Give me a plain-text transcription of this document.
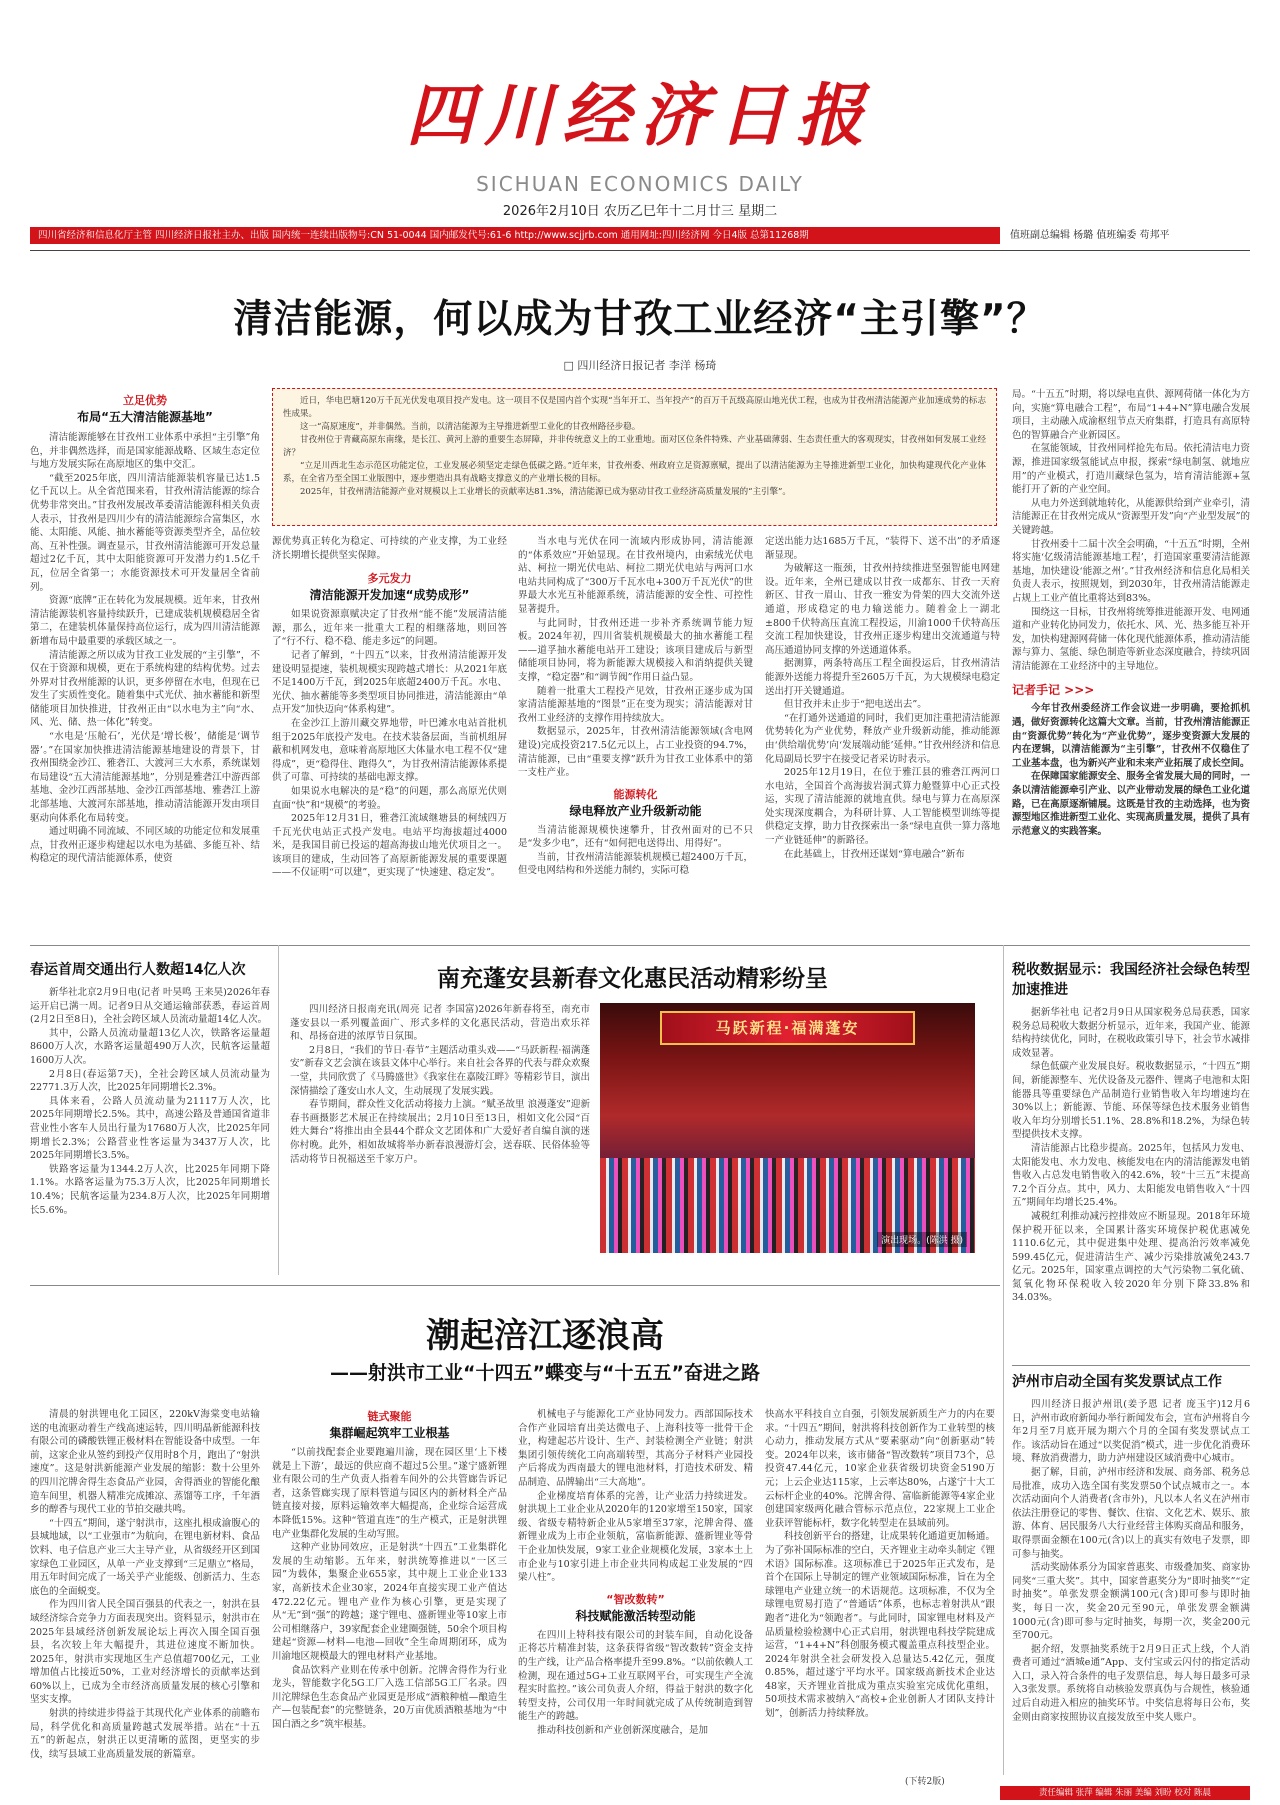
四川经济日报
SICHUAN ECONOMICS DAILY
2026年2月10日 农历乙巳年十二月廿三 星期二
四川省经济和信息化厅主管 四川经济日报社主办、出版 国内统一连续出版物号:CN 51-0044 国内邮发代号:61-6 http://www.scjjrb.com 通用网址:四川经济网 今日4版 总第11268期	值班副总编辑 杨璐 值班编委 苟邦平
清洁能源，何以成为甘孜工业经济“主引擎”？
□ 四川经济日报记者 李洋 杨琦

近日，华电巴塘120万千瓦光伏发电项目投产发电。这一项目不仅是国内首个实现“当年开工、当年投产”的百万千瓦级高原山地光伏工程，也成为甘孜州清洁能源产业加速成势的标志性成果。

这一“高原速度”，并非偶然。当前，以清洁能源为主导推进新型工业化的甘孜州路径步稳。

甘孜州位于青藏高原东南缘，是长江、黄河上游的重要生态屏障，并非传统意义上的工业重地。面对区位条件特殊、产业基础薄弱、生态责任重大的客观现实，甘孜州如何发展工业经济？

“立足川西北生态示范区功能定位，工业发展必须坚定走绿色低碳之路。”近年来，甘孜州委、州政府立足资源禀赋，提出了以清洁能源为主导推进新型工业化，加快构建现代化产业体系，在全省乃至全国工业版图中，逐步塑造出具有战略支撑意义的产业增长极的目标。

2025年，甘孜州清洁能源产业对规模以上工业增长的贡献率达81.3%，清洁能源已成为驱动甘孜工业经济高质量发展的“主引擎”。

立足优势
布局“五大清洁能源基地”

清洁能源能够在甘孜州工业体系中承担“主引擎”角色，并非偶然选择，而是国家能源战略、区域生态定位与地方发展实际在高原地区的集中交汇。

“截至2025年底，四川清洁能源装机容量已达1.5亿千瓦以上。从全省范围来看，甘孜州清洁能源的综合优势非常突出。”甘孜州发展改革委清洁能源科相关负责人表示，甘孜州是四川少有的清洁能源综合富集区，水能、太阳能、风能、抽水蓄能等资源类型齐全，品位较高、互补性强。调查显示，甘孜州清洁能源可开发总量超过2亿千瓦，其中太阳能资源可开发潜力约1.5亿千瓦，位居全省第一；水能资源技术可开发量居全省前列。

资源“底牌”正在转化为发展规模。近年来，甘孜州清洁能源装机容量持续跃升，已建成装机规模稳居全省第二，在建装机体量保持高位运行，成为四川清洁能源新增布局中最重要的承载区域之一。

清洁能源之所以成为甘孜工业发展的“主引擎”，不仅在于资源和规模，更在于系统构建的结构优势。过去外界对甘孜州能源的认识，更多停留在水电，但现在已发生了实质性变化。随着集中式光伏、抽水蓄能和新型储能项目加快推进，甘孜州正由“以水电为主”向“水、风、光、储、热一体化”转变。

“水电是‘压舱石’，光伏是‘增长极’，储能是‘调节器’。”在国家加快推进清洁能源基地建设的背景下，甘孜州围绕金沙江、雅砻江、大渡河三大水系，系统谋划布局建设“五大清洁能源基地”，分别是雅砻江中游西部基地、金沙江西部基地、金沙江西部基地、雅砻江上游北部基地、大渡河东部基地，推动清洁能源开发由项目驱动向体系化布局转变。

通过明确不同流域、不同区域的功能定位和发展重点，甘孜州正逐步构建起以水电为基础、多能互补、结构稳定的现代清洁能源体系，使资

源优势真正转化为稳定、可持续的产业支撑，为工业经济长期增长提供坚实保障。

多元发力
清洁能源开发加速“成势成形”

如果说资源禀赋决定了甘孜州“能不能”发展清洁能源，那么，近年来一批重大工程的相继落地，则回答了“行不行、稳不稳、能走多远”的问题。

记者了解到，“十四五”以来，甘孜州清洁能源开发建设明显提速，装机规模实现跨越式增长：从2021年底不足1400万千瓦，到2025年底超2400万千瓦。水电、光伏、抽水蓄能等多类型项目协同推进，清洁能源由“单点开发”加快迈向“体系构建”。

在金沙江上游川藏交界地带，叶巴滩水电站首批机组于2025年底投产发电。在技术装备层面，当前机组屏蔽和机网发电，意味着高原地区大体量水电工程不仅“建得成”，更“稳得住、跑得久”，为甘孜州清洁能源体系提供了可靠、可持续的基础电源支撑。

如果说水电解决的是“稳”的问题，那么高原光伏则直面“快”和“规模”的考验。

2025年12月31日，雅砻江流域继塘县的柯绒四万千瓦光伏电站正式投产发电。电站平均海拔超过4000米，是我国目前已投运的超高海拔山地光伏项目之一。该项目的建成，生动回答了高原新能源发展的重要课题——不仅证明“可以建”，更实现了“快速建、稳定发”。

当水电与光伏在同一流域内形成协同，清洁能源的“体系效应”开始显现。在甘孜州境内，由索绒光伏电站、柯拉一期光伏电站、柯拉二期光伏电站与两河口水电站共同构成了“300万千瓦水电+300万千瓦光伏”的世界最大水光互补能源系统，清洁能源的安全性、可控性显著提升。

与此同时，甘孜州还进一步补齐系统调节能力短板。2024年初，四川省装机规模最大的抽水蓄能工程——道孚抽水蓄能电站开工建设；该项目建成后与新型储能项目协同，将为新能源大规模接入和消纳提供关键支撑，“稳定器”和“调节阀”作用日益凸显。

随着一批重大工程投产见效，甘孜州正逐步成为国家清洁能源基地的“图景”正在变为现实；清洁能源对甘孜州工业经济的支撑作用持续放大。

数据显示，2025年，甘孜州清洁能源领域(含电网建设)完成投资217.5亿元以上，占工业投资的94.7%，清洁能源，已由“重要支撑”跃升为甘孜工业体系中的第一支柱产业。

能源转化
绿电释放产业升级新动能

当清洁能源规模快速攀升，甘孜州面对的已不只是“发多少电”，还有“如何把电送得出、用得好”。

当前，甘孜州清洁能源装机规模已超2400万千瓦，但受电网结构和外送能力制约，实际可稳

定送出能力达1685万千瓦，“装得下、送不出”的矛盾逐渐显现。

为破解这一瓶颈，甘孜州持续推进坚强智能电网建设。近年来，全州已建成以甘孜一成都东、甘孜一天府新区、甘孜一眉山、甘孜一雅安为骨架的四大交流外送通道，形成稳定的电力输送能力。随着金上一湖北±800千伏特高压直流工程投运，川渝1000千伏特高压交流工程加快建设，甘孜州正逐步构建出交流通道与特高压通道协同支撑的外送通道体系。

据测算，两条特高压工程全面投运后，甘孜州清洁能源外送能力将提升至2605万千瓦，为大规模绿电稳定送出打开关键通道。

但甘孜并未止步于“把电送出去”。

“在打通外送通道的同时，我们更加注重把清洁能源优势转化为产业优势，释放产业升级新动能，推动能源由‘供给端优势’向‘发展端动能’延伸。”甘孜州经济和信息化局副局长罗宇在接受记者采访时表示。

2025年12月19日，在位于雅江县的雅砻江两河口水电站，全国首个高海拔岩洞式算力舱暨算中心正式投运，实现了清洁能源的就地直供。绿电与算力在高原深处实现深度耦合，为科研计算、人工智能模型训练等提供稳定支撑，助力甘孜探索出一条“绿电直供一算力落地一产业链延伸”的新路径。

在此基础上，甘孜州还谋划“算电融合”新布

局。“十五五”时期，将以绿电直供、源网荷储一体化为方向，实施“算电融合工程”，布局“1+4+N”算电融合发展项目，主动融入成渝枢纽节点天府集群，打造具有高原特色的智算融合产业新园区。

在氢能领域，甘孜州同样抢先布局。依托清洁电力资源，推进国家级氢能试点申报，探索“绿电制氢、就地应用”的产业模式，打造川藏绿色氢为，培育清洁能源+氢能打开了新的产业空间。

从电力外送到就地转化，从能源供给到产业牵引，清洁能源正在甘孜州完成从“资源型开发”向“产业型发展”的关键跨越。

甘孜州委十二届十次全会明确，“十五五”时期，全州将实施‘亿级清洁能源基地工程’，打造国家重要清洁能源基地，加快建设‘能源之州’。”甘孜州经济和信息化局相关负责人表示，按照规划，到2030年，甘孜州清洁能源走占规上工业产值比重将达到83%。

围绕这一目标，甘孜州将统筹推进能源开发、电网通道和产业转化协同发力，依托水、风、光、热多能互补开发，加快构建源网荷储一体化现代能源体系，推动清洁能源与算力、氢能、绿色制造等新业态深度融合，持续巩固清洁能源在工业经济中的主导地位。

记者手记 >>>

今年甘孜州委经济工作会议进一步明确，要抢抓机遇，做好资源转化这篇大文章。当前，甘孜州清洁能源正由“资源优势”转化为“产业优势”，逐步变资源大发展的内在逻辑，以清洁能源为“主引擎”，甘孜州不仅稳住了工业基本盘，也为新兴产业和未来产业拓展了成长空间。

在保障国家能源安全、服务全省发展大局的同时，一条以清洁能源牵引产业、以产业带动发展的绿色工业化道路，已在高原逐渐铺展。这既是甘孜的主动选择，也为资源型地区推进新型工业化、实现高质量发展，提供了具有示范意义的实践答案。

春运首周交通出行人数超14亿人次

新华社北京2月9日电(记者 叶昊鸣 王来昊)2026年春运开启已满一周。记者9日从交通运输部获悉，春运首周(2月2日至8日)，全社会跨区域人员流动量超14亿人次。

其中，公路人员流动量超13亿人次，铁路客运量超8600万人次，水路客运量超490万人次，民航客运量超1600万人次。

2月8日(春运第7天)，全社会跨区域人员流动量为22771.3万人次，比2025年同期增长2.3%。

具体来看，公路人员流动量为21117万人次，比2025年同期增长2.5%。其中，高速公路及普通国省道非营业性小客车人员出行量为17680万人次，比2025年同期增长2.3%；公路营业性客运量为3437万人次，比2025年同期增长3.5%。

铁路客运量为1344.2万人次，比2025年同期下降1.1%。水路客运量为75.3万人次，比2025年同期增长10.4%；民航客运量为234.8万人次，比2025年同期增长5.6%。

南充蓬安县新春文化惠民活动精彩纷呈

四川经济日报南充讯(周亮 记者 李国富)2026年新春将至，南充市蓬安县以一系列覆盖面广、形式多样的文化惠民活动，营造出欢乐祥和、昂扬奋进的浓厚节日氛围。

2月8日，“我们的节日·春节”主题活动重头戏——“马跃新程·福满蓬安”新春文艺会演在该县文体中心举行。来自社会各界的代表与群众欢聚一堂，共同欣赏了《马腾盛世》《我家住在嘉陵江畔》等精彩节目，演出深情描绘了蓬安山水人文，生动展现了发展实践。

春节期间，群众性文化活动将接力上演。“赋圣故里 浪漫蓬安”迎新春书画摄影艺术展正在持续展出；2月10日至13日，相如文化公园“百姓大舞台”将推出由全县44个群众文艺团体和广大爱好者自编自演的迷你村晚。此外，相如故城将举办新春浪漫游灯会，送春联、民俗体验等活动将节日祝福送至千家万户。

马跃新程·福满蓬安
演出现场。(陈洪 摄)
税收数据显示：我国经济社会绿色转型加速推进

据新华社电 记者2月9日从国家税务总局获悉，国家税务总局税收大数据分析显示，近年来，我国产业、能源结构持续优化，同时，在税收政策引导下，社会节水减排成效显著。

绿色低碳产业发展良好。税收数据显示，“十四五”期间，新能源整车、光伏设备及元器件、锂离子电池和太阳能器具等重要绿色产品制造行业销售收入年均增速均在30%以上；新能源、节能、环保等绿色技术服务业销售收入年均分别增长51.1%、28.8%和18.2%，为绿色转型提供技术支撑。

清洁能源占比稳步提高。2025年，包括风力发电、太阳能发电、水力发电、核能发电在内的清洁能源发电销售收入占总发电销售收入的42.6%，较“十三五”末提高7.2个百分点。其中，风力、太阳能发电销售收入“十四五”期间年均增长25.4%。

减税红利推动减污控排效应不断显现。2018年环境保护税开征以来，全国累计落实环境保护税优惠减免1110.6亿元，其中促进集中处理、提高治污效率减免599.45亿元，促进清洁生产、减少污染排放减免243.7亿元。2025年，国家重点调控的大气污染物二氧化硫、氮氧化物环保税收入较2020年分别下降33.8%和34.03%。

泸州市启动全国有奖发票试点工作

四川经济日报泸州讯(姜予恩 记者 庞玉宇)12月6日，泸州市政府新闻办举行新闻发布会，宣布泸州将自今年2月至7月底开展为期六个月的全国有奖发票试点工作。该活动旨在通过“以奖促消”模式，进一步优化消费环境、释放消费潜力，助力泸州建设区域消费中心城市。

据了解，目前，泸州市经济和发展、商务部、税务总局批准，成功入选全国有奖发票50个试点城市之一。本次活动面向个人消费者(含市外)，凡以本人名义在泸州市依法注册登记的零售、餐饮、住宿、文化艺术、娱乐、旅游、体育、居民服务八大行业经营主体购买商品和服务，取得票面金额在100元(含)以上的真实有效电子发票，即可参与抽奖。

活动奖励体系分为国家普惠奖、市级叠加奖、商家协同奖“三重大奖”。其中，国家普惠奖分为“即时抽奖”“定时抽奖”。单张发票金额满100元(含)即可参与即时抽奖，每日一次，奖金20元至90元，单张发票金额满1000元(含)即可参与定时抽奖，每期一次，奖金200元至700元。

据介绍，发票抽奖系统于2月9日正式上线，个人消费者可通过“酒城e通”App、支付宝或云闪付的指定活动入口，录入符合条件的电子发票信息，每人每日最多可录入3张发票。系统将自动核验发票真伪与合规性，核验通过后自动进入相应的抽奖环节。中奖信息将每日公布，奖金则由商家按照协议直接发放至中奖人账户。

潮起涪江逐浪高
——射洪市工业“十四五”蝶变与“十五五”奋进之路

清晨的射洪锂电化工园区，220kV海棠变电站输送的电流驱动着生产线高速运转，四川明晶新能源科技有限公司的磷酸铁锂正极材料在智能设备中成型。一年前，这家企业从签约到投产仅用时8个月，跑出了“射洪速度”。这是射洪新能源产业发展的缩影：数十公里外的四川沱牌舍得生态食品产业园，舍得酒业的智能化酿造车间里，机器人精准完成摊凉、蒸馏等工序，千年酒乡的醇香与现代工业的节拍交融共鸣。

“十四五”期间，遂宁射洪市，这座扎根成渝腹心的县城地域，以“工业强市”为航向，在锂电新材料、食品饮料、电子信息产业三大主导产业，从省级经开区到国家绿色工业园区，从单一产业支撑到“三足鼎立”格局，用五年时间完成了一场关乎产业能级、创新活力、生态底色的全面蜕变。

作为四川省人民全国百强县的代表之一，射洪在县域经济综合竞争力方面表现突出。资料显示，射洪市在2025年县域经济创新发展论坛上再次入围全国百强县，名次较上年大幅提升，其进位速度不断加快。2025年，射洪市实现地区生产总值超700亿元，工业增加值占比接近50%，工业对经济增长的贡献率达到60%以上，已成为全市经济高质量发展的核心引擎和坚实支撑。

射洪的持续进步得益于其现代化产业体系的前瞻布局，科学优化和高质量跨越式发展举措。站在“十五五”的新起点，射洪正以更清晰的蓝图，更坚实的步伐，续写县域工业高质量发展的新篇章。

链式聚能
集群崛起筑牢工业根基

“以前找配套企业要跑遍川渝，现在园区里‘上下楼就是上下游’，最远的供应商不超过5公里。”遂宁盛新锂业有限公司的生产负责人指着车间外的公共管廊告诉记者，这条管廊实现了原料管道与园区内的新材料全产品链直接对接，原料运输效率大幅提高，企业综合运营成本降低15%。这种“管道直连”的生产模式，正是射洪锂电产业集群化发展的生动写照。

这种产业协同效应，正是射洪“十四五”工业集群化发展的生动缩影。五年来，射洪统筹推进以“一区三园”为载体，集聚企业655家，其中规上工业企业133家，高新技术企业30家，2024年直接实现工业产值达472.22亿元。锂电产业作为核心引擎，更是实现了从“无”到“强”的跨越；遂宁锂电、盛新锂业等10家上市公司相继落户，39家配套企业建圈强链，50余个项目构建起“资源—材料—电池—回收”全生命周期闭环，成为川渝地区规模最大的锂电材料产业基地。

食品饮料产业则在传承中创新。沱牌舍得作为行业龙头，智能数字化5G工厂入选工信部5G工厂名录。四川沱牌绿色生态食品产业园更是形成“酒粮种植—酿造生产—包装配套”的完整链条，20万亩优质酒粮基地为“中国白酒之乡”筑牢根基。

机械电子与能源化工产业协同发力。西部国际技术合作产业园培育出美达微电子、上海科技等一批骨干企业，构建起芯片设计、生产、封装检测全产业链；射洪集团引领传统化工向高端转型，其高分子材料产业园投产后将成为西南最大的锂电池材料，打造技术研发、精品制造、品牌输出“三大高地”。

企业梯度培育体系的完善，让产业活力持续迸发。射洪规上工业企业从2020年的120家增至150家，国家级、省级专精特新企业从5家增至37家，沱牌舍得、盛新锂业成为上市企业领航，富临新能源、盛新锂业等骨干企业加快发展，9家工业企业规模化发展，3家本土上市企业与10家引进上市企业共同构成起工业发展的“四梁八柱”。

“智改数转”
科技赋能激活转型动能

在四川上特科技有限公司的封装车间，自动化设备正将芯片精准封装，这条获得省级“智改数转”资金支持的生产线，让产品合格率提升至99.8%。“以前依赖人工检测，现在通过5G+工业互联网平台，可实现生产全流程实时监控。”该公司负责人介绍，得益于射洪的数字化转型支持，公司仅用一年时间就完成了从传统制造到智能生产的跨越。

推动科技创新和产业创新深度融合，是加

快高水平科技自立自强，引领发展新质生产力的内在要求。“十四五”期间，射洪将科技创新作为工业转型的核心动力，推动发展方式从“要素驱动”向“创新驱动”转变。2024年以来，该市储备“智改数转”项目73个，总投资47.44亿元，10家企业获省级切块资金5190万元；上云企业达115家，上云率达80%，占遂宁十大工云标杆企业的40%。沱牌舍得、富临新能源等4家企业创建国家级两化融合管标示范点位，22家规上工业企业获评智能标杆，数字化转型走在县域前列。

科技创新平台的搭建，让成果转化通道更加畅通。为了弥补国际标准的空白，天齐锂业主动牵头制定《锂术语》国际标准。这项标准已于2025年正式发布，是首个在国际上导制定的锂产业领域国际标准，旨在为全球锂电产业建立统一的术语规范。这项标准，不仅为全球锂电贸易打造了“普通话”体系，也标志着射洪从“跟跑者”进化为“领跑者”。与此同时，国家锂电材料及产品质量检验检测中心正式启用，射洪锂电科技学院建成运营，“1+4+N”科创服务模式覆盖重点科技型企业。2024年射洪全社会研发投入总量达5.42亿元，强度0.85%，超过遂宁平均水平。国家级高新技术企业达48家，天齐锂业首批成为重点实验室完成优化重组，50项技术需求被纳入“高校+企业创新人才团队支持计划”，创新活力持续释放。

(下转2版)
责任编辑 张萍 编辑 朱丽 美编 刘盼 校对 陈晨
